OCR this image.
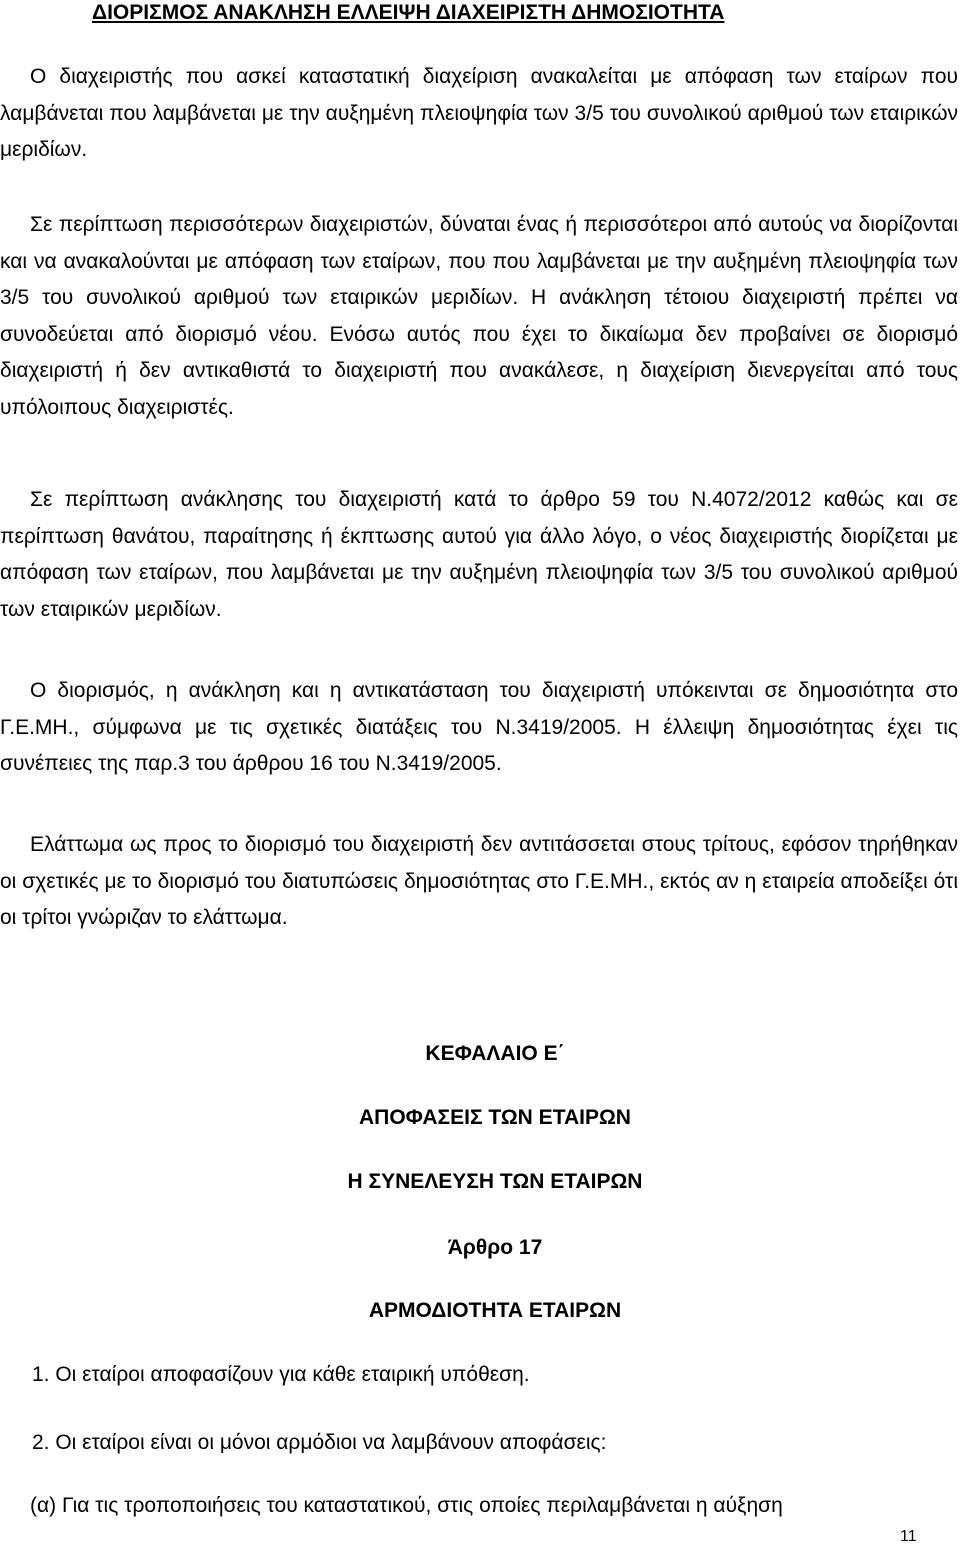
ΔΙΟΡΙΣΜΟΣ ΑΝΑΚΛΗΣΗ ΕΛΛΕΙΨΗ ΔΙΑΧΕΙΡΙΣΤΗ ΔΗΜΟΣΙΟΤΗΤΑ

Ο διαχειριστής που ασκεί καταστατική διαχείριση ανακαλείται με απόφαση των εταίρων που λαμβάνεται που λαμβάνεται με την αυξημένη πλειοψηφία των 3/5 του συνολικού αριθμού των εταιρικών μεριδίων.

Σε περίπτωση περισσότερων διαχειριστών, δύναται ένας ή περισσότεροι από αυτούς να διορίζονται και να ανακαλούνται με απόφαση των εταίρων, που που λαμβάνεται με την αυξημένη πλειοψηφία των 3/5 του συνολικού αριθμού των εταιρικών μεριδίων. Η ανάκληση τέτοιου διαχειριστή πρέπει να συνοδεύεται από διορισμό νέου. Ενόσω αυτός που έχει το δικαίωμα δεν προβαίνει σε διορισμό διαχειριστή ή δεν αντικαθιστά το διαχειριστή που ανακάλεσε, η διαχείριση διενεργείται από τους υπόλοιπους διαχειριστές.

Σε περίπτωση ανάκλησης του διαχειριστή κατά το άρθρο 59 του Ν.4072/2012 καθώς και σε περίπτωση θανάτου, παραίτησης ή έκπτωσης αυτού για άλλο λόγο, ο νέος διαχειριστής διορίζεται με απόφαση των εταίρων, που λαμβάνεται με την αυξημένη πλειοψηφία των 3/5 του συνολικού αριθμού των εταιρικών μεριδίων.

Ο διορισμός, η ανάκληση και η αντικατάσταση του διαχειριστή υπόκεινται σε δημοσιότητα στο Γ.Ε.ΜΗ., σύμφωνα με τις σχετικές διατάξεις του Ν.3419/2005. Η έλλειψη δημοσιότητας έχει τις συνέπειες της παρ.3 του άρθρου 16 του Ν.3419/2005.

Ελάττωμα ως προς το διορισμό του διαχειριστή δεν αντιτάσσεται στους τρίτους, εφόσον τηρήθηκαν οι σχετικές με το διορισμό του διατυπώσεις δημοσιότητας στο Γ.Ε.ΜΗ., εκτός αν η εταιρεία αποδείξει ότι οι τρίτοι γνώριζαν το ελάττωμα.

ΚΕΦΑΛΑΙΟ Ε΄
ΑΠΟΦΑΣΕΙΣ ΤΩΝ ΕΤΑΙΡΩΝ
Η ΣΥΝΕΛΕΥΣΗ ΤΩΝ ΕΤΑΙΡΩΝ
Άρθρο 17
ΑΡΜΟΔΙΟΤΗΤΑ ΕΤΑΙΡΩΝ
1. Οι εταίροι αποφασίζουν για κάθε εταιρική υπόθεση.
2. Οι εταίροι είναι οι μόνοι αρμόδιοι να λαμβάνουν αποφάσεις:

(α) Για τις τροποποιήσεις του καταστατικού, στις οποίες περιλαμβάνεται η αύξηση

11
